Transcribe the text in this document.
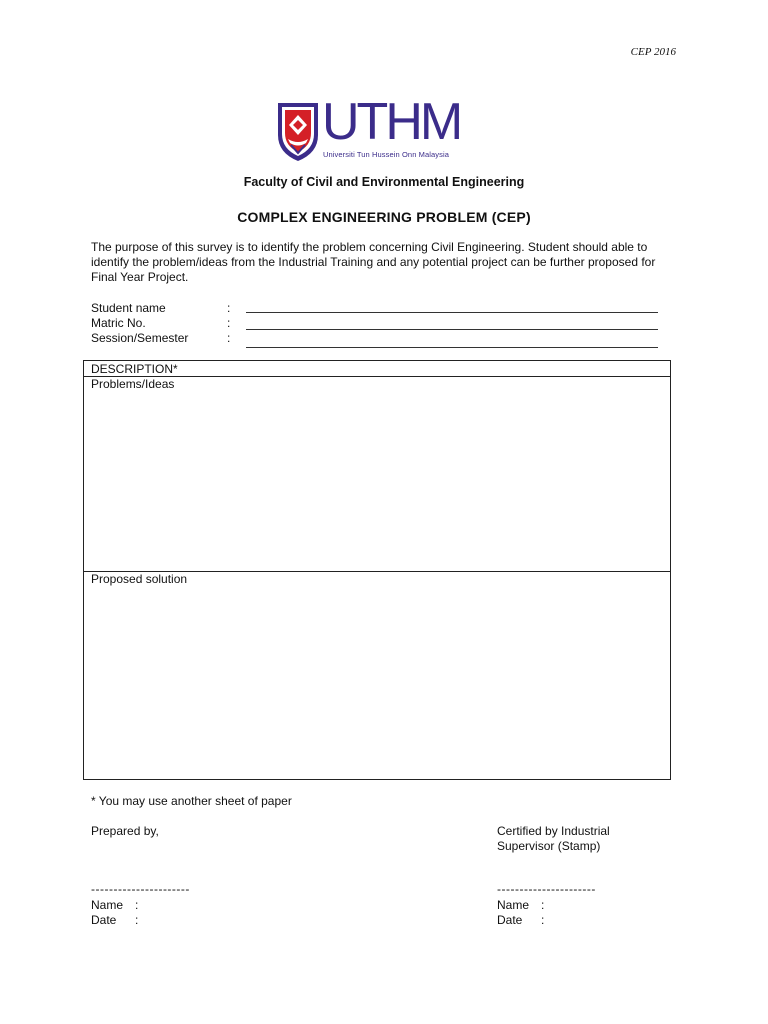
CEP 2016
UTHM
Universiti Tun Hussein Onn Malaysia
Faculty of Civil and Environmental Engineering
COMPLEX ENGINEERING PROBLEM (CEP)
The purpose of this survey is to identify the problem concerning Civil Engineering. Student should able to identify the problem/ideas from the Industrial Training and any potential project can be further proposed for Final Year Project.
Student name	:
Matric No.	:
Session/Semester	:
DESCRIPTION*
Problems/Ideas
Proposed solution
* You may use another sheet of paper
Prepared by,	Certified by Industrial
Supervisor (Stamp)
----------------------
Name :
Date :
----------------------
Name :
Date :
